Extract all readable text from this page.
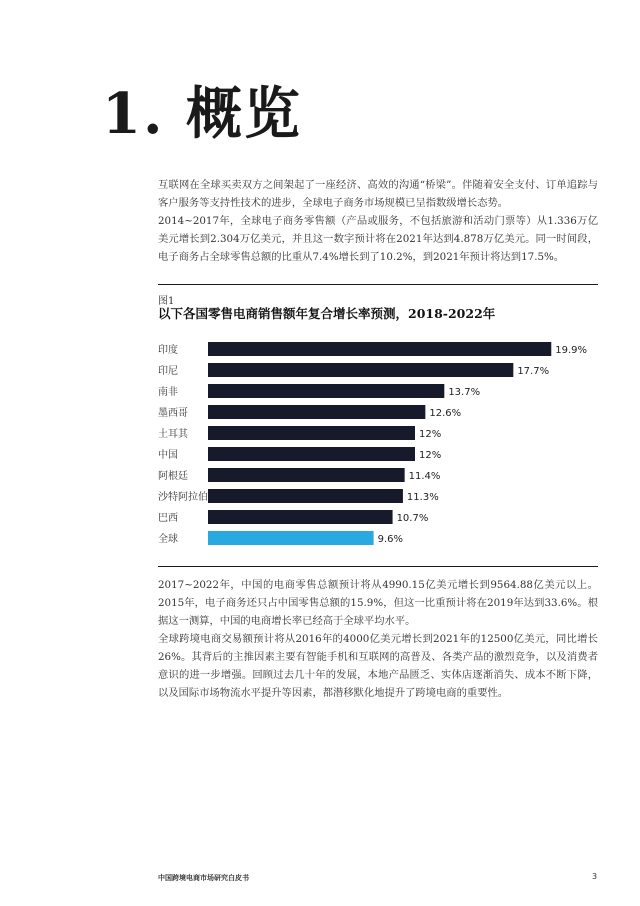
1. 概览

互联网在全球买卖双方之间架起了一座经济、高效的沟通“桥梁”。伴随着安全支付、订单追踪与客户服务等支持性技术的进步，全球电子商务市场规模已呈指数级增长态势。

2014~2017年，全球电子商务零售额（产品或服务，不包括旅游和活动门票等）从1.336万亿美元增长到2.304万亿美元，并且这一数字预计将在2021年达到4.878万亿美元。同一时间段，电子商务占全球零售总额的比重从7.4%增长到了10.2%，到2021年预计将达到17.5%。

图1
以下各国零售电商销售额年复合增长率预测，2018-2022年
印度	19.9%
印尼	17.7%
南非	13.7%
墨西哥	12.6%
土耳其	12%
中国	12%
阿根廷	11.4%
沙特阿拉伯	11.3%
巴西	10.7%
全球	9.6%

2017~2022年，中国的电商零售总额预计将从4990.15亿美元增长到9564.88亿美元以上。2015年，电子商务还只占中国零售总额的15.9%，但这一比重预计将在2019年达到33.6%。根据这一测算，中国的电商增长率已经高于全球平均水平。

全球跨境电商交易额预计将从2016年的4000亿美元增长到2021年的12500亿美元，同比增长26%。其背后的主推因素主要有智能手机和互联网的高普及、各类产品的激烈竞争，以及消费者意识的进一步增强。回顾过去几十年的发展，本地产品匮乏、实体店逐渐消失、成本不断下降，以及国际市场物流水平提升等因素，都潜移默化地提升了跨境电商的重要性。

中国跨境电商市场研究白皮书	3
